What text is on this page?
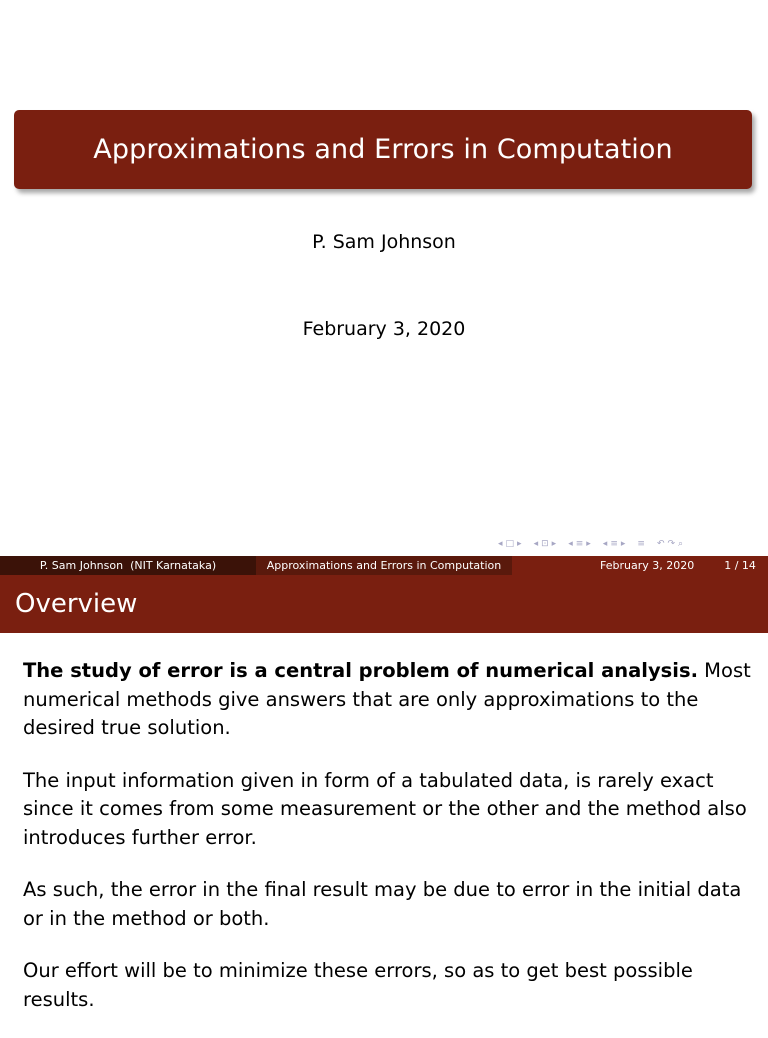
Approximations and Errors in Computation
P. Sam Johnson
February 3, 2020
◂ □ ▸ ◂ ⊡ ▸ ◂ ≡ ▸ ◂ ≡ ▸ ≡ ↶ ↷ ⌕
P. Sam Johnson  (NIT Karnataka)	Approximations and Errors in Computation	February 3, 2020	1 / 14
Overview

The study of error is a central problem of numerical analysis. Most numerical methods give answers that are only approximations to the desired true solution.

The input information given in form of a tabulated data, is rarely exact since it comes from some measurement or the other and the method also introduces further error.

As such, the error in the final result may be due to error in the initial data or in the method or both.

Our effort will be to minimize these errors, so as to get best possible results.
